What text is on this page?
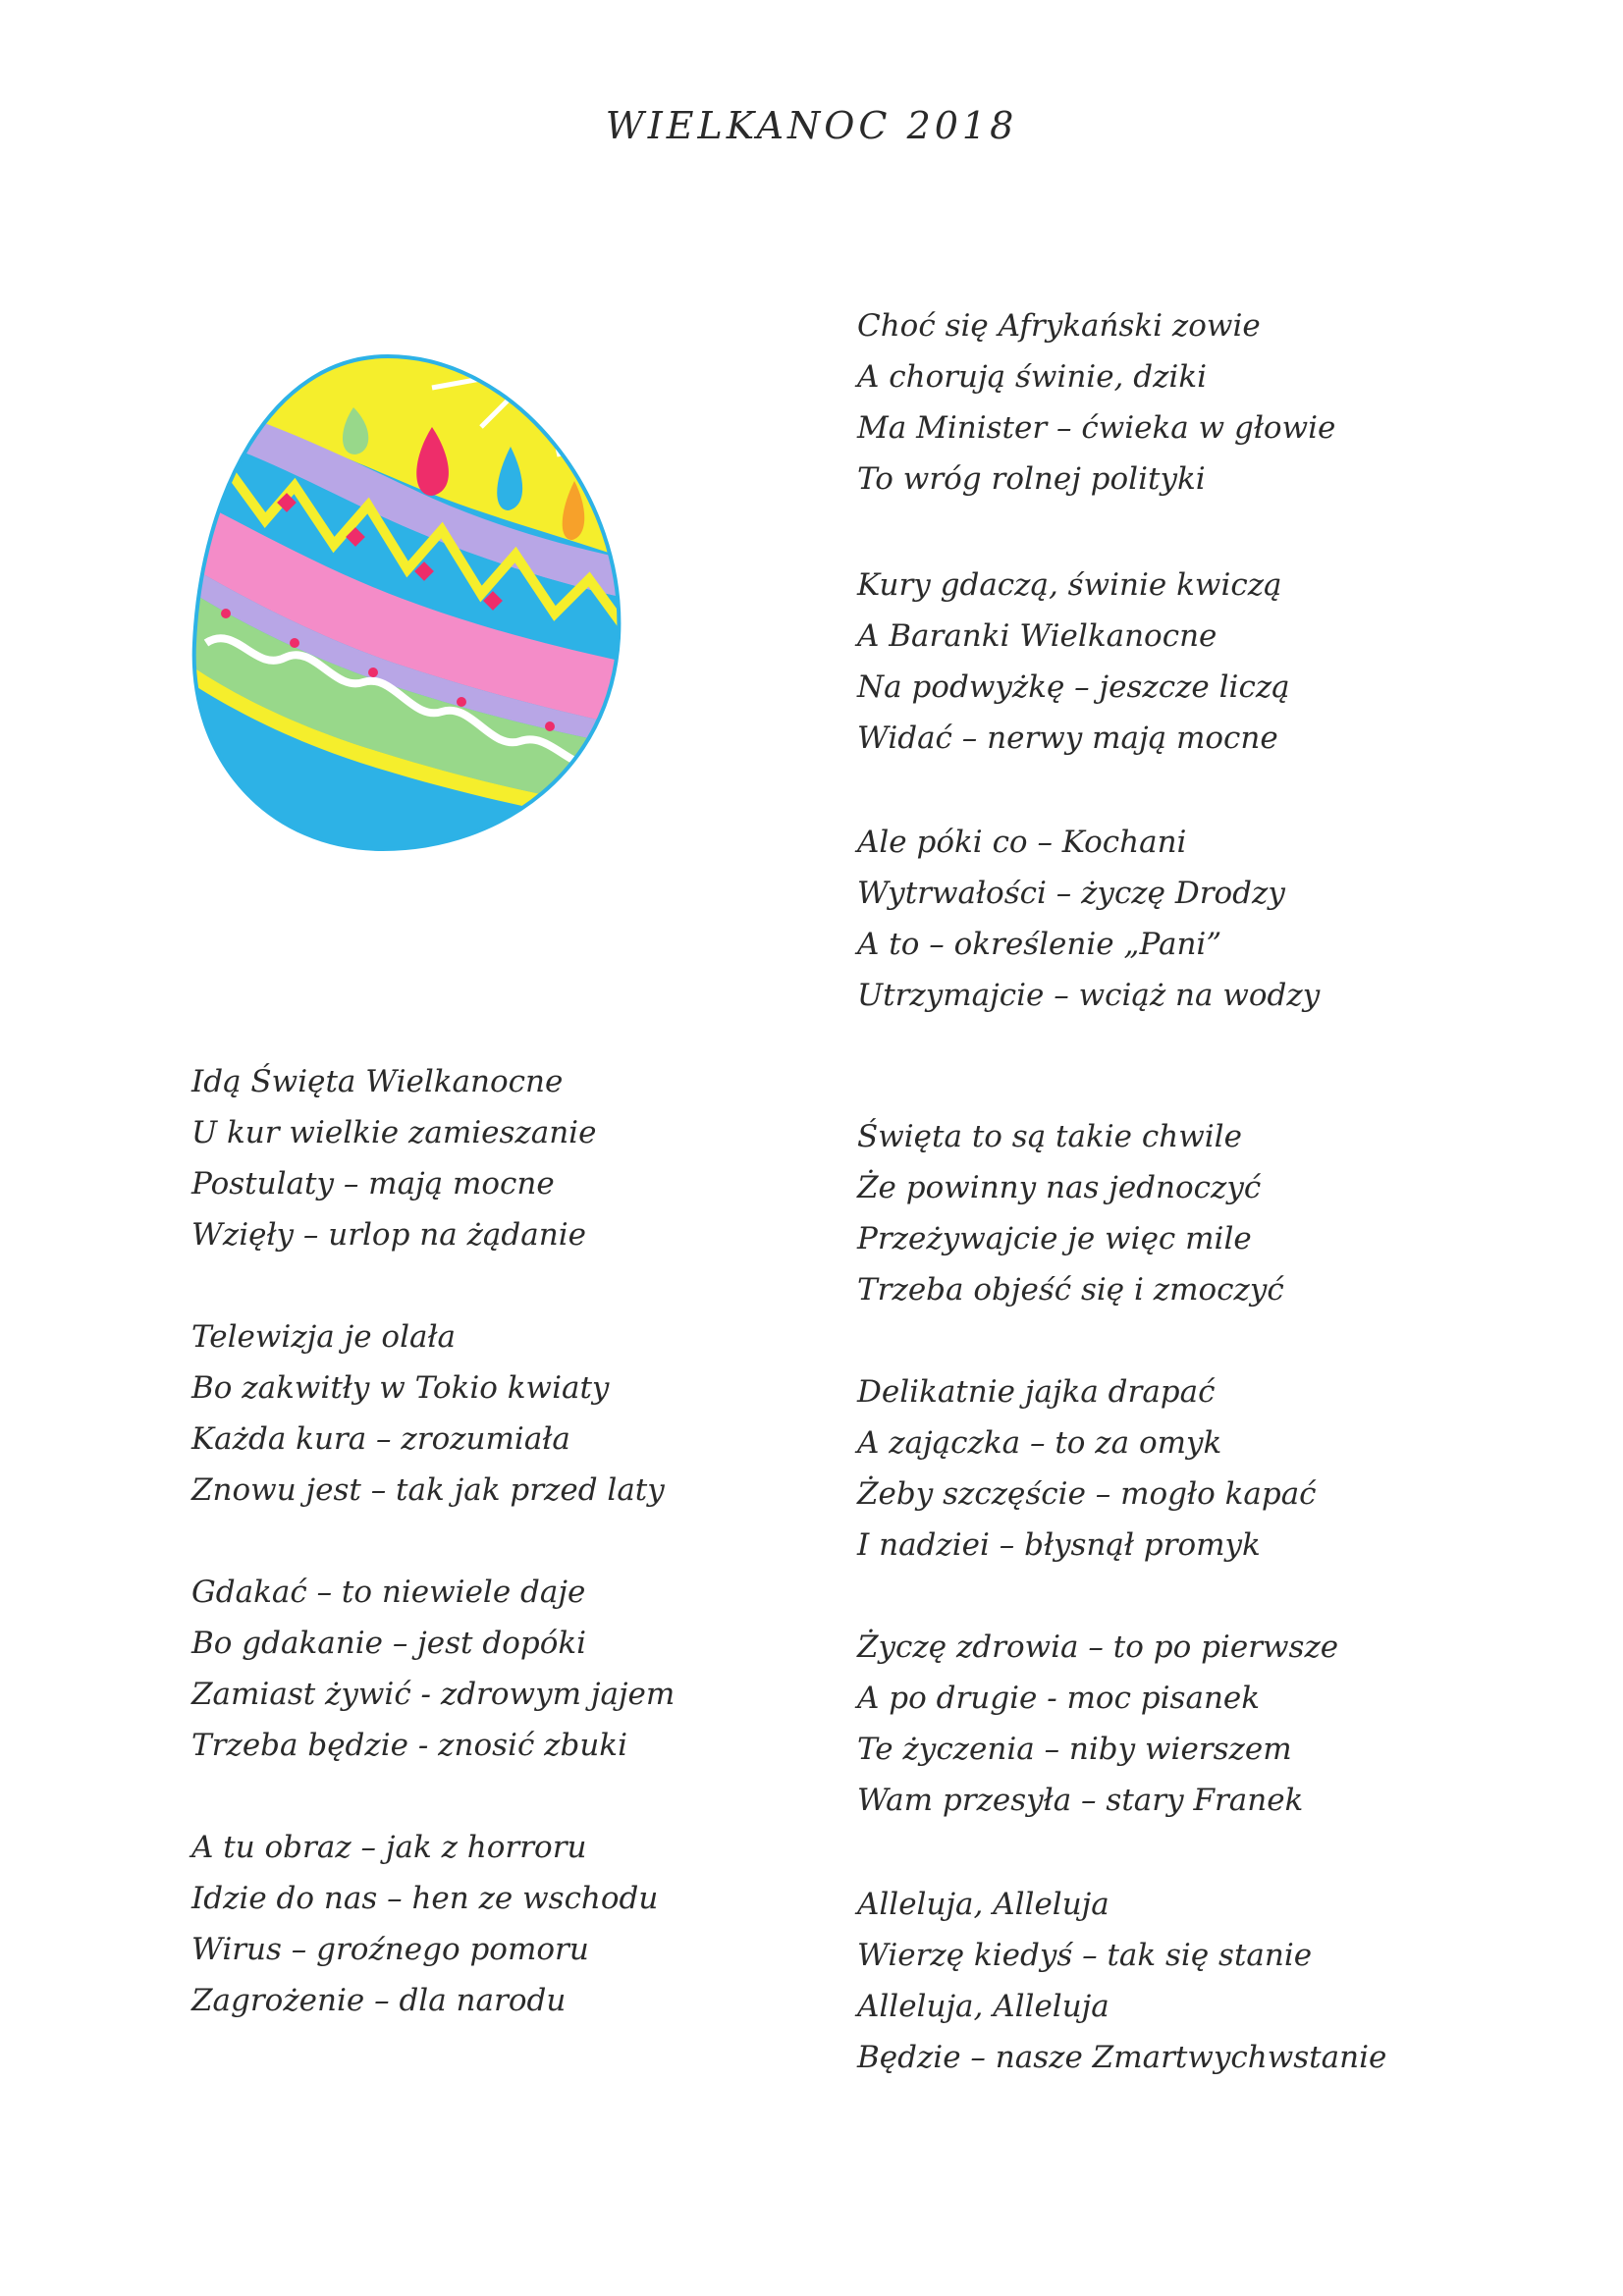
WIELKANOC 2018
Idą Święta Wielkanocne
U kur wielkie zamieszanie
Postulaty – mają mocne
Wzięły – urlop na żądanie
Telewizja je olała
Bo zakwitły w Tokio kwiaty
Każda kura – zrozumiała
Znowu jest – tak jak przed laty
Gdakać – to niewiele daje
Bo gdakanie – jest dopóki
Zamiast żywić - zdrowym jajem
Trzeba będzie - znosić zbuki
A tu obraz – jak z horroru
Idzie do nas – hen ze wschodu
Wirus – groźnego pomoru
Zagrożenie – dla narodu
Choć się Afrykański zowie
A chorują świnie, dziki
Ma Minister – ćwieka w głowie
To wróg rolnej polityki
Kury gdaczą, świnie kwiczą
A Baranki Wielkanocne
Na podwyżkę – jeszcze liczą
Widać – nerwy mają mocne
Ale póki co – Kochani
Wytrwałości – życzę Drodzy
A to – określenie „Pani”
Utrzymajcie – wciąż na wodzy
Święta to są takie chwile
Że powinny nas jednoczyć
Przeżywajcie je więc mile
Trzeba objeść się i zmoczyć
Delikatnie jajka drapać
A zajączka – to za omyk
Żeby szczęście – mogło kapać
I nadziei – błysnął promyk
Życzę zdrowia – to po pierwsze
A po drugie - moc pisanek
Te życzenia – niby wierszem
Wam przesyła – stary Franek
Alleluja, Alleluja
Wierzę kiedyś – tak się stanie
Alleluja, Alleluja
Będzie – nasze Zmartwychwstanie
